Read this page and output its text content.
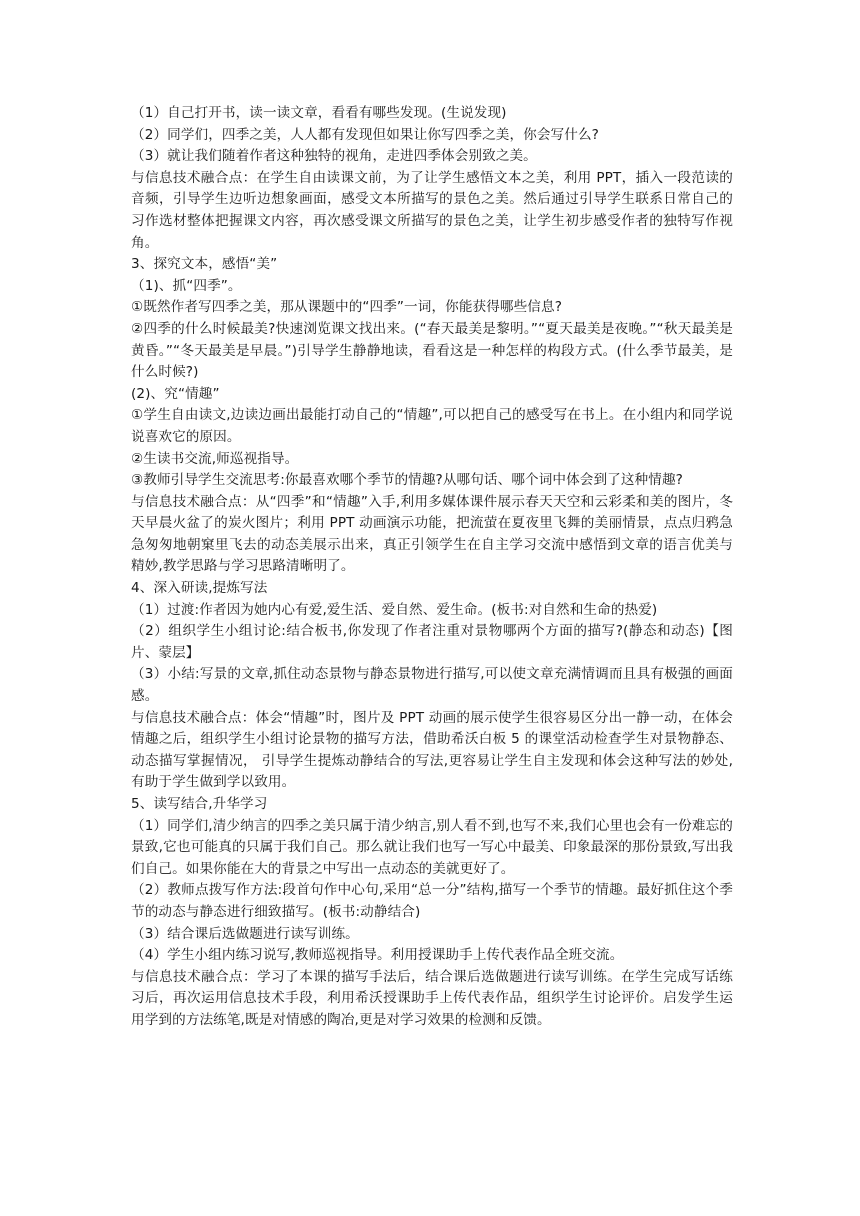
（1）自己打开书，读一读文章，看看有哪些发现。(生说发现)

（2）同学们，四季之美，人人都有发现但如果让你写四季之美，你会写什么?

（3）就让我们随着作者这种独特的视角，走进四季体会别致之美。

与信息技术融合点：在学生自由读课文前，为了让学生感悟文本之美，利用 PPT，插入一段范读的音频，引导学生边听边想象画面，感受文本所描写的景色之美。然后通过引导学生联系日常自己的习作选材整体把握课文内容，再次感受课文所描写的景色之美，让学生初步感受作者的独特写作视角。

3、探究文本，感悟“美”

（1)、抓“四季”。

①既然作者写四季之美，那从课题中的“四季”一词，你能获得哪些信息?

②四季的什么时候最美?快速浏览课文找出来。(“春天最美是黎明。”“夏天最美是夜晚。”“秋天最美是黄昏。”“冬天最美是早晨。”)引导学生静静地读，看看这是一种怎样的构段方式。(什么季节最美，是什么时候?)

(2)、究“情趣”

①学生自由读文,边读边画出最能打动自己的“情趣”,可以把自己的感受写在书上。在小组内和同学说说喜欢它的原因。

②生读书交流,师巡视指导。

③教师引导学生交流思考:你最喜欢哪个季节的情趣?从哪句话、哪个词中体会到了这种情趣?

与信息技术融合点：从“四季”和“情趣”入手,利用多媒体课件展示春天天空和云彩柔和美的图片，冬天早晨火盆了的炭火图片；利用 PPT 动画演示功能，把流萤在夏夜里飞舞的美丽情景，点点归鸦急急匆匆地朝窠里飞去的动态美展示出来，真正引领学生在自主学习交流中感悟到文章的语言优美与精妙,教学思路与学习思路清晰明了。

4、深入研读,提炼写法

（1）过渡:作者因为她内心有爱,爱生活、爱自然、爱生命。(板书:对自然和生命的热爱)

（2）组织学生小组讨论:结合板书,你发现了作者注重对景物哪两个方面的描写?(静态和动态)【图片、蒙层】

（3）小结:写景的文章,抓住动态景物与静态景物进行描写,可以使文章充满情调而且具有极强的画面感。

与信息技术融合点：体会“情趣”时，图片及 PPT 动画的展示使学生很容易区分出一静一动，在体会情趣之后，组织学生小组讨论景物的描写方法，借助希沃白板 5 的课堂活动检查学生对景物静态、动态描写掌握情况， 引导学生提炼动静结合的写法,更容易让学生自主发现和体会这种写法的妙处,有助于学生做到学以致用。

5、读写结合,升华学习

（1）同学们,清少纳言的四季之美只属于清少纳言,别人看不到,也写不来,我们心里也会有一份难忘的景致,它也可能真的只属于我们自己。那么就让我们也写一写心中最美、印象最深的那份景致,写出我们自己。如果你能在大的背景之中写出一点动态的美就更好了。

（2）教师点拨写作方法:段首句作中心句,采用“总一分”结构,描写一个季节的情趣。最好抓住这个季节的动态与静态进行细致描写。(板书:动静结合)

（3）结合课后选做题进行读写训练。

（4）学生小组内练习说写,教师巡视指导。利用授课助手上传代表作品全班交流。

与信息技术融合点：学习了本课的描写手法后，结合课后选做题进行读写训练。在学生完成写话练习后，再次运用信息技术手段，利用希沃授课助手上传代表作品，组织学生讨论评价。启发学生运用学到的方法练笔,既是对情感的陶冶,更是对学习效果的检测和反馈。
